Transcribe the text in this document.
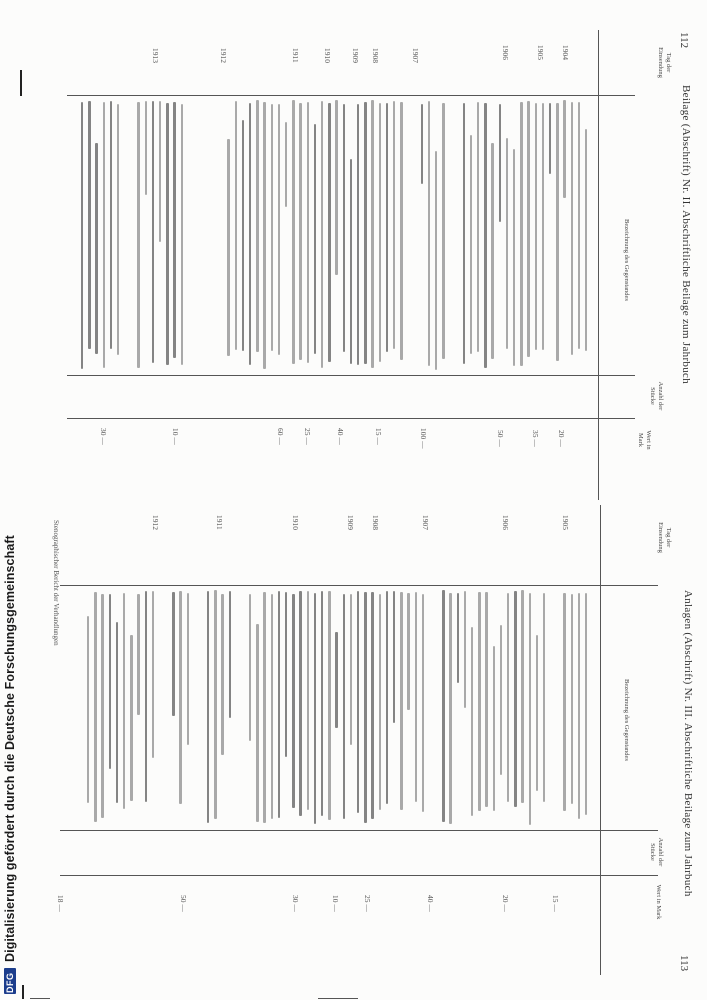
112
Beilage (Abschrift) Nr. II. Abschriftliche Beilage zum Jahrbuch
Tag der Einsendung
Bezeichnung des Gegenstandes
Anzahl der Stücke
Wert in Mark
1904
1905
1906
1907
1908
1909
1910
1911
1912
1913
20 —
35 —
50 —
100 —
15 —
40 —
25 —
60 —
10 —
30 —
Anlagen (Abschrift) Nr. III. Abschriftliche Beilage zum Jahrbuch
113
Tag der Einsendung
Bezeichnung des Gegenstandes
Anzahl der Stücke
Wert in Mark
1905
1906
1907
1908
1909
1910
1911
1912
15 —
20 —
40 —
25 —
10 —
30 —
50 —
18 —
Stenographischer Bericht der Verhandlungen
Digitalisierung gefördert durch die Deutsche Forschungsgemeinschaft
DFG
